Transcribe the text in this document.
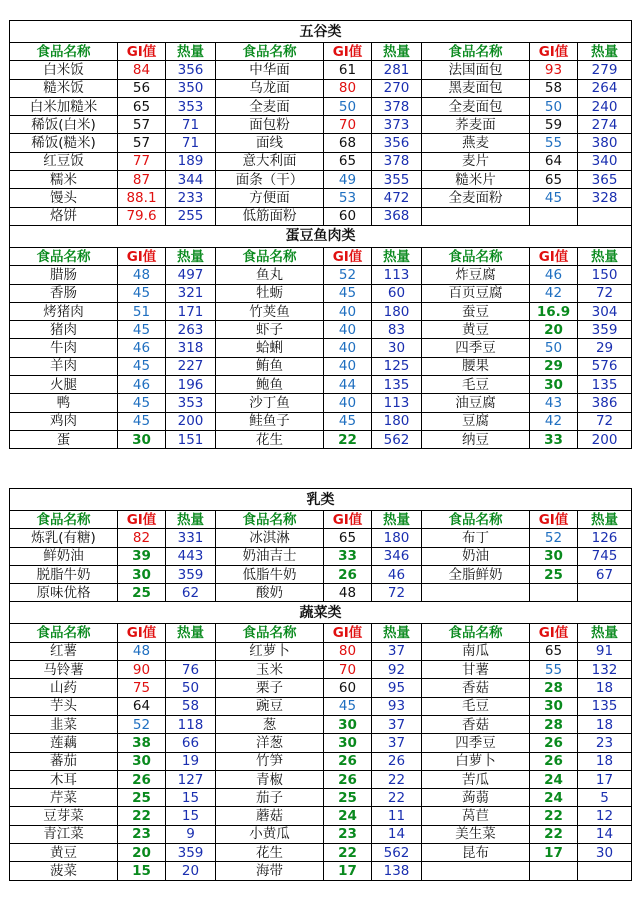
五谷类								
食品名称	GI值	热量	食品名称	GI值	热量	食品名称	GI值	热量
白米饭	84	356	中华面	61	281	法国面包	93	279
糙米饭	56	350	乌龙面	80	270	黑麦面包	58	264
白米加糙米	65	353	全麦面	50	378	全麦面包	50	240
稀饭(白米)	57	71	面包粉	70	373	荞麦面	59	274
稀饭(糙米)	57	71	面线	68	356	燕麦	55	380
红豆饭	77	189	意大利面	65	378	麦片	64	340
糯米	87	344	面条（干）	49	355	糙米片	65	365
馒头	88.1	233	方便面	53	472	全麦面粉	45	328
烙饼	79.6	255	低筋面粉	60	368			
蛋豆鱼肉类								
食品名称	GI值	热量	食品名称	GI值	热量	食品名称	GI值	热量
腊肠	48	497	鱼丸	52	113	炸豆腐	46	150
香肠	45	321	牡蛎	45	60	百页豆腐	42	72
烤猪肉	51	171	竹荚鱼	40	180	蚕豆	16.9	304
猪肉	45	263	虾子	40	83	黄豆	20	359
牛肉	46	318	蛤蜊	40	30	四季豆	50	29
羊肉	45	227	鲔鱼	40	125	腰果	29	576
火腿	46	196	鲍鱼	44	135	毛豆	30	135
鸭	45	353	沙丁鱼	40	113	油豆腐	43	386
鸡肉	45	200	鲑鱼子	45	180	豆腐	42	72
蛋	30	151	花生	22	562	纳豆	33	200
乳类								
食品名称	GI值	热量	食品名称	GI值	热量	食品名称	GI值	热量
炼乳(有糖)	82	331	冰淇淋	65	180	布丁	52	126
鲜奶油	39	443	奶油吉士	33	346	奶油	30	745
脱脂牛奶	30	359	低脂牛奶	26	46	全脂鲜奶	25	67
原味优格	25	62	酸奶	48	72			
蔬菜类								
食品名称	GI值	热量	食品名称	GI值	热量	食品名称	GI值	热量
红薯	48		红萝卜	80	37	南瓜	65	91
马铃薯	90	76	玉米	70	92	甘薯	55	132
山药	75	50	栗子	60	95	香菇	28	18
芋头	64	58	豌豆	45	93	毛豆	30	135
韭菜	52	118	葱	30	37	香菇	28	18
莲藕	38	66	洋葱	30	37	四季豆	26	23
蕃茄	30	19	竹笋	26	26	白萝卜	26	18
木耳	26	127	青椒	26	22	苦瓜	24	17
芹菜	25	15	茄子	25	22	蒟蒻	24	5
豆芽菜	22	15	蘑菇	24	11	莴苣	22	12
青江菜	23	9	小黄瓜	23	14	美生菜	22	14
黄豆	20	359	花生	22	562	昆布	17	30
菠菜	15	20	海带	17	138			
